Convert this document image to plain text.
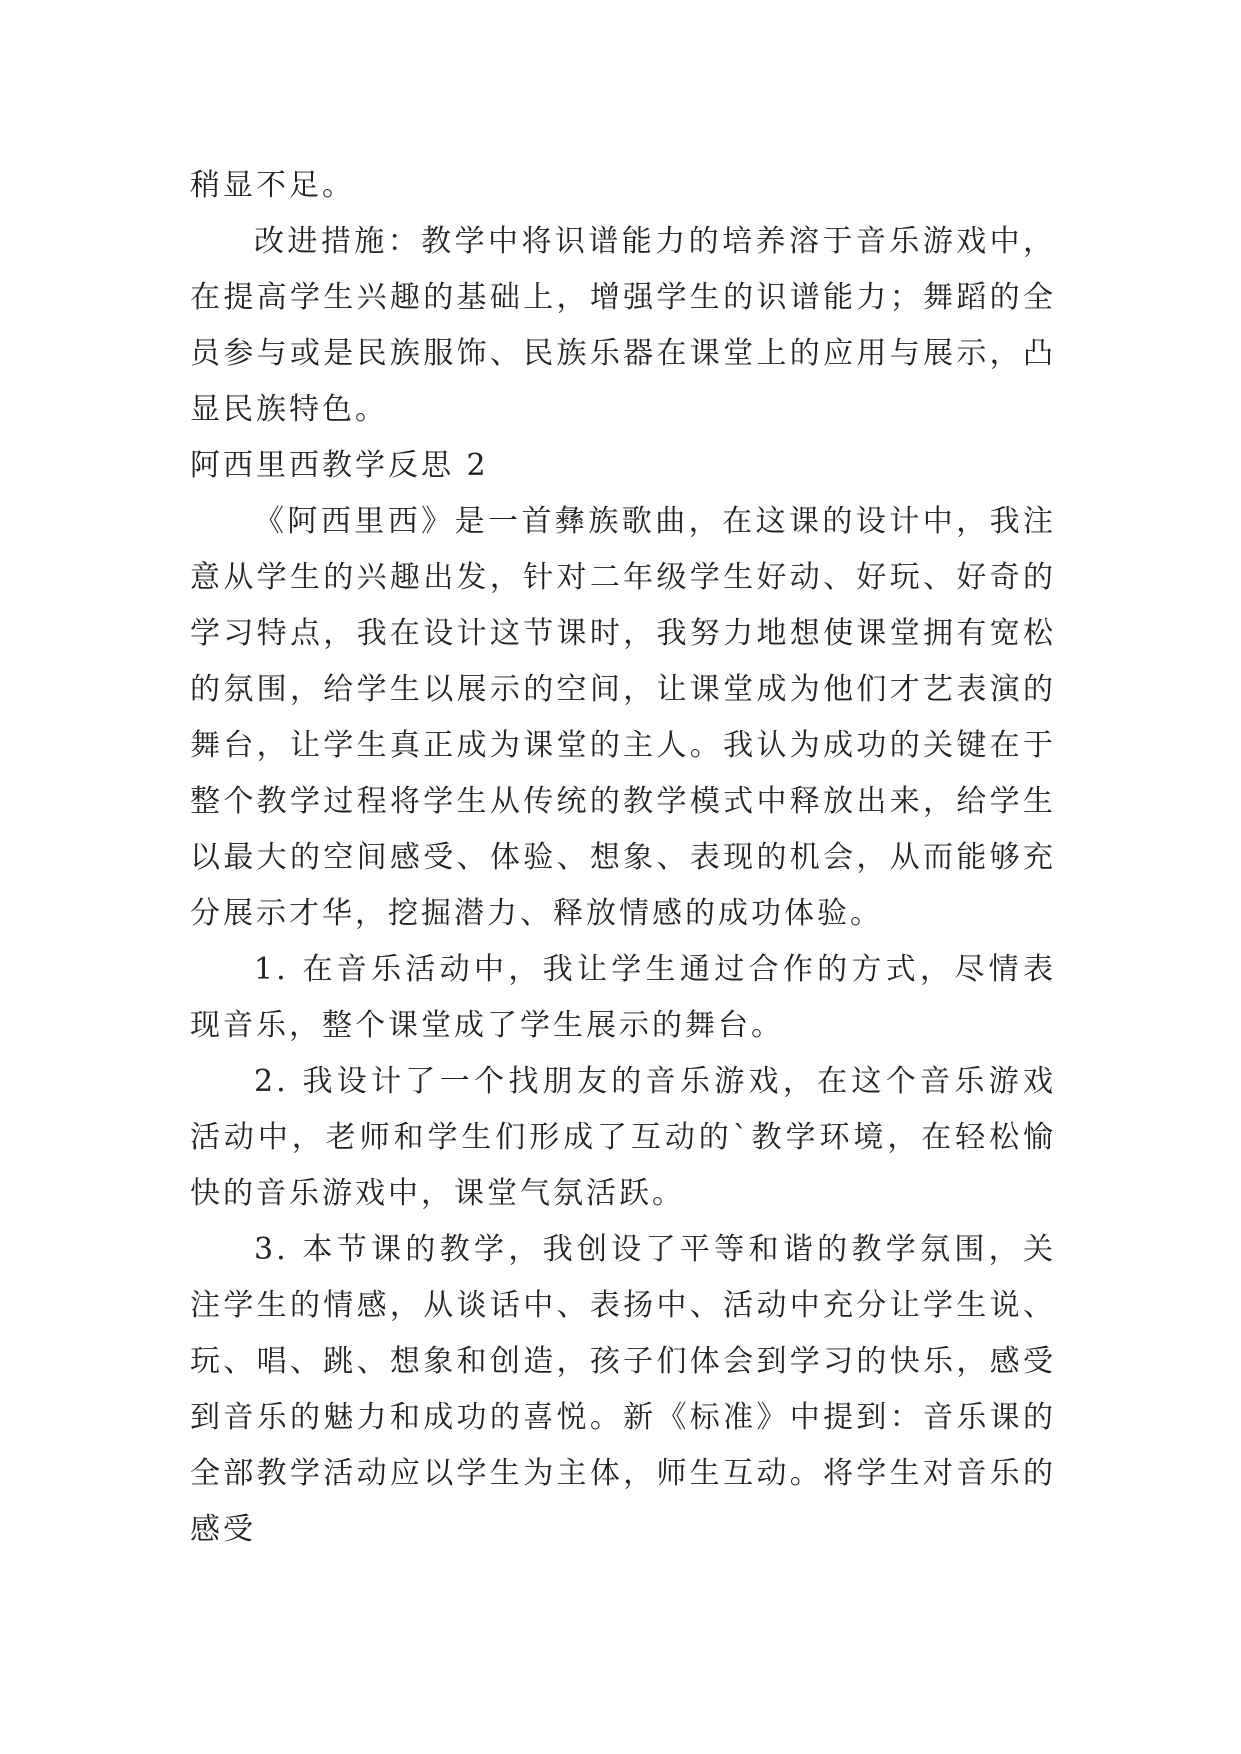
稍显不足。

改进措施：教学中将识谱能力的培养溶于音乐游戏中，在提高学生兴趣的基础上，增强学生的识谱能力；舞蹈的全员参与或是民族服饰、民族乐器在课堂上的应用与展示，凸显民族特色。

阿西里西教学反思 2

《阿西里西》是一首彝族歌曲，在这课的设计中，我注意从学生的兴趣出发，针对二年级学生好动、好玩、好奇的学习特点，我在设计这节课时，我努力地想使课堂拥有宽松的氛围，给学生以展示的空间，让课堂成为他们才艺表演的舞台，让学生真正成为课堂的主人。我认为成功的关键在于整个教学过程将学生从传统的教学模式中释放出来，给学生以最大的空间感受、体验、想象、表现的机会，从而能够充分展示才华，挖掘潜力、释放情感的成功体验。

1. 在音乐活动中，我让学生通过合作的方式，尽情表现音乐，整个课堂成了学生展示的舞台。

2. 我设计了一个找朋友的音乐游戏，在这个音乐游戏活动中，老师和学生们形成了互动的`教学环境，在轻松愉快的音乐游戏中，课堂气氛活跃。

3. 本节课的教学，我创设了平等和谐的教学氛围，关注学生的情感，从谈话中、表扬中、活动中充分让学生说、玩、唱、跳、想象和创造，孩子们体会到学习的快乐，感受到音乐的魅力和成功的喜悦。新《标准》中提到：音乐课的全部教学活动应以学生为主体，师生互动。将学生对音乐的感受
